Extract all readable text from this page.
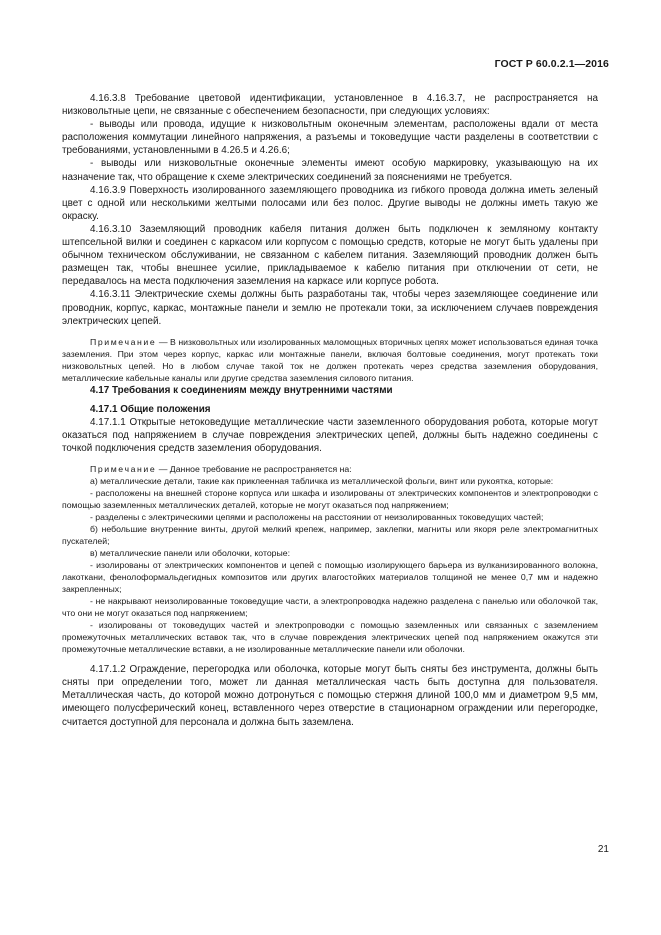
ГОСТ Р 60.0.2.1—2016

4.16.3.8 Требование цветовой идентификации, установленное в 4.16.3.7, не распространяется на низковольтные цепи, не связанные с обеспечением безопасности, при следующих условиях:

- выводы или провода, идущие к низковольтным оконечным элементам, расположены вдали от места расположения коммутации линейного напряжения, а разъемы и токоведущие части разделены в соответствии с требованиями, установленными в 4.26.5 и 4.26.6;

- выводы или низковольтные оконечные элементы имеют особую маркировку, указывающую на их назначение так, что обращение к схеме электрических соединений за пояснениями не требуется.

4.16.3.9 Поверхность изолированного заземляющего проводника из гибкого провода должна иметь зеленый цвет с одной или несколькими желтыми полосами или без полос. Другие выводы не должны иметь такую же окраску.

4.16.3.10 Заземляющий проводник кабеля питания должен быть подключен к земляному контакту штепсельной вилки и соединен с каркасом или корпусом с помощью средств, которые не могут быть удалены при обычном техническом обслуживании, не связанном с кабелем питания. Заземляющий проводник должен быть размещен так, чтобы внешнее усилие, прикладываемое к кабелю питания при отключении от сети, не передавалось на места подключения заземления на каркасе или корпусе робота.

4.16.3.11 Электрические схемы должны быть разработаны так, чтобы через заземляющее соединение или проводник, корпус, каркас, монтажные панели и землю не протекали токи, за исключением случаев повреждения электрических цепей.

Примечание — В низковольтных или изолированных маломощных вторичных цепях может использоваться единая точка заземления. При этом через корпус, каркас или монтажные панели, включая болтовые соединения, могут протекать токи низковольтных цепей. Но в любом случае такой ток не должен протекать через средства заземления оборудования, металлические кабельные каналы или другие средства заземления силового питания.

4.17 Требования к соединениям между внутренними частями
4.17.1 Общие положения

4.17.1.1 Открытые нетоковедущие металлические части заземленного оборудования робота, которые могут оказаться под напряжением в случае повреждения электрических цепей, должны быть надежно соединены с точкой подключения средств заземления оборудования.

Примечание — Данное требование не распространяется на:

а) металлические детали, такие как приклеенная табличка из металлической фольги, винт или рукоятка, которые:

- расположены на внешней стороне корпуса или шкафа и изолированы от электрических компонентов и электропроводки с помощью заземленных металлических деталей, которые не могут оказаться под напряжением;

- разделены с электрическими цепями и расположены на расстоянии от неизолированных токоведущих частей;

б) небольшие внутренние винты, другой мелкий крепеж, например, заклепки, магниты или якоря реле электромагнитных пускателей;

в) металлические панели или оболочки, которые:

- изолированы от электрических компонентов и цепей с помощью изолирующего барьера из вулканизированного волокна, лакоткани, фенолоформальдегидных композитов или других влагостойких материалов толщиной не менее 0,7 мм и надежно закрепленных;

- не накрывают неизолированные токоведущие части, а электропроводка надежно разделена с панелью или оболочкой так, что они не могут оказаться под напряжением;

- изолированы от токоведущих частей и электропроводки с помощью заземленных или связанных с заземлением промежуточных металлических вставок так, что в случае повреждения электрических цепей под напряжением окажутся эти промежуточные металлические вставки, а не изолированные металлические панели или оболочки.

4.17.1.2 Ограждение, перегородка или оболочка, которые могут быть сняты без инструмента, должны быть сняты при определении того, может ли данная металлическая часть быть доступна для пользователя. Металлическая часть, до которой можно дотронуться с помощью стержня длиной 100,0 мм и диаметром 9,5 мм, имеющего полусферический конец, вставленного через отверстие в стационарном ограждении или перегородке, считается доступной для персонала и должна быть заземлена.

21
